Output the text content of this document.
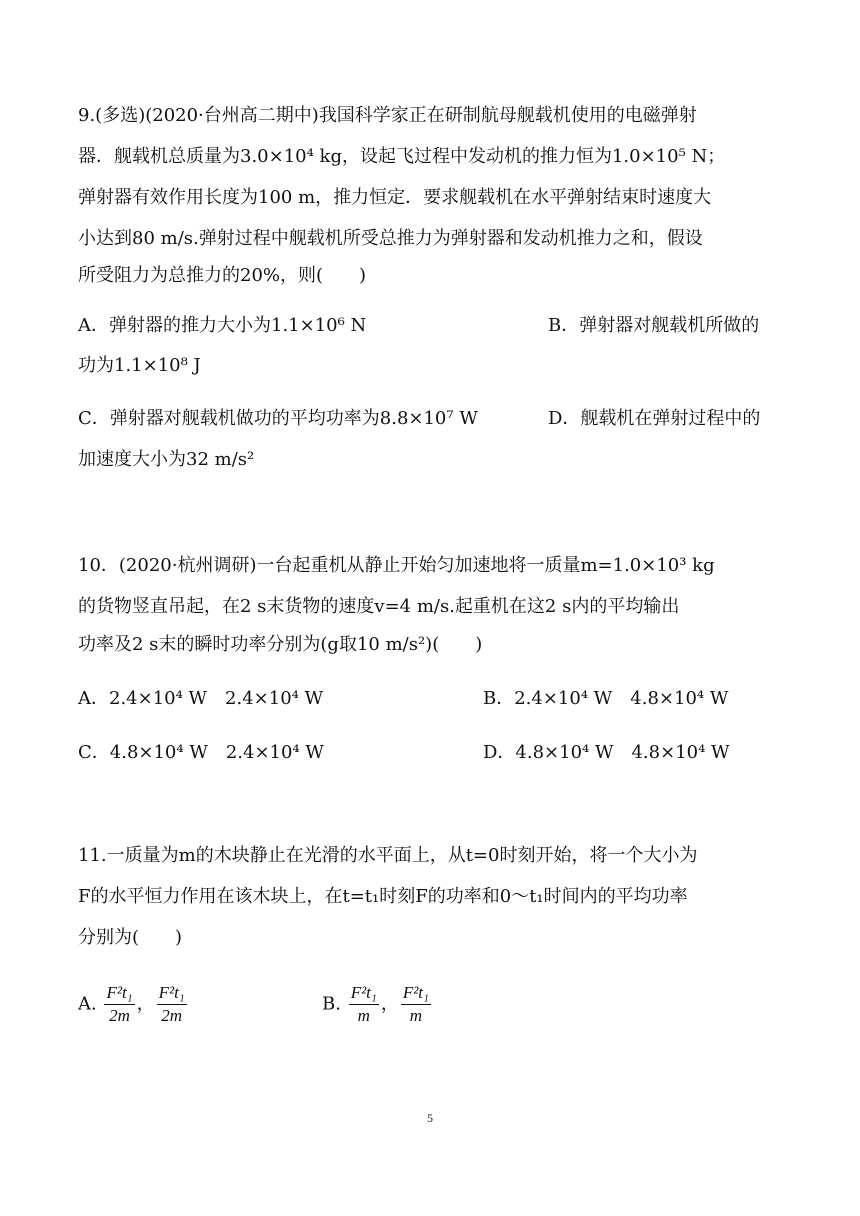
9.(多选)(2020·台州高二期中)我国科学家正在研制航母舰载机使用的电磁弹射
器．舰载机总质量为3.0×10⁴ kg，设起飞过程中发动机的推力恒为1.0×10⁵ N；
弹射器有效作用长度为100 m，推力恒定．要求舰载机在水平弹射结束时速度大
小达到80 m/s.弹射过程中舰载机所受总推力为弹射器和发动机推力之和，假设
所受阻力为总推力的20%，则(　　)
A．弹射器的推力大小为1.1×10⁶ N	B．弹射器对舰载机所做的
功为1.1×10⁸ J
C．弹射器对舰载机做功的平均功率为8.8×10⁷ W	D．舰载机在弹射过程中的
加速度大小为32 m/s²
10．(2020·杭州调研)一台起重机从静止开始匀加速地将一质量m=1.0×10³ kg
的货物竖直吊起，在2 s末货物的速度v=4 m/s.起重机在这2 s内的平均输出
功率及2 s末的瞬时功率分别为(g取10 m/s²)(　　)
A．2.4×10⁴ W　2.4×10⁴ W	B．2.4×10⁴ W　4.8×10⁴ W
C．4.8×10⁴ W　2.4×10⁴ W	D．4.8×10⁴ W　4.8×10⁴ W
11.一质量为m的木块静止在光滑的水平面上，从t=0时刻开始，将一个大小为
F的水平恒力作用在该木块上，在t=t₁时刻F的功率和0～t₁时间内的平均功率
分别为(　　)
A. $\frac{\text{F²t₁}}{2m}$ ， $\frac{\text{F²t₁}}{2m}$	B. $\frac{\text{F²t₁}}{m}$ ， $\frac{\text{F²t₁}}{m}$
5
